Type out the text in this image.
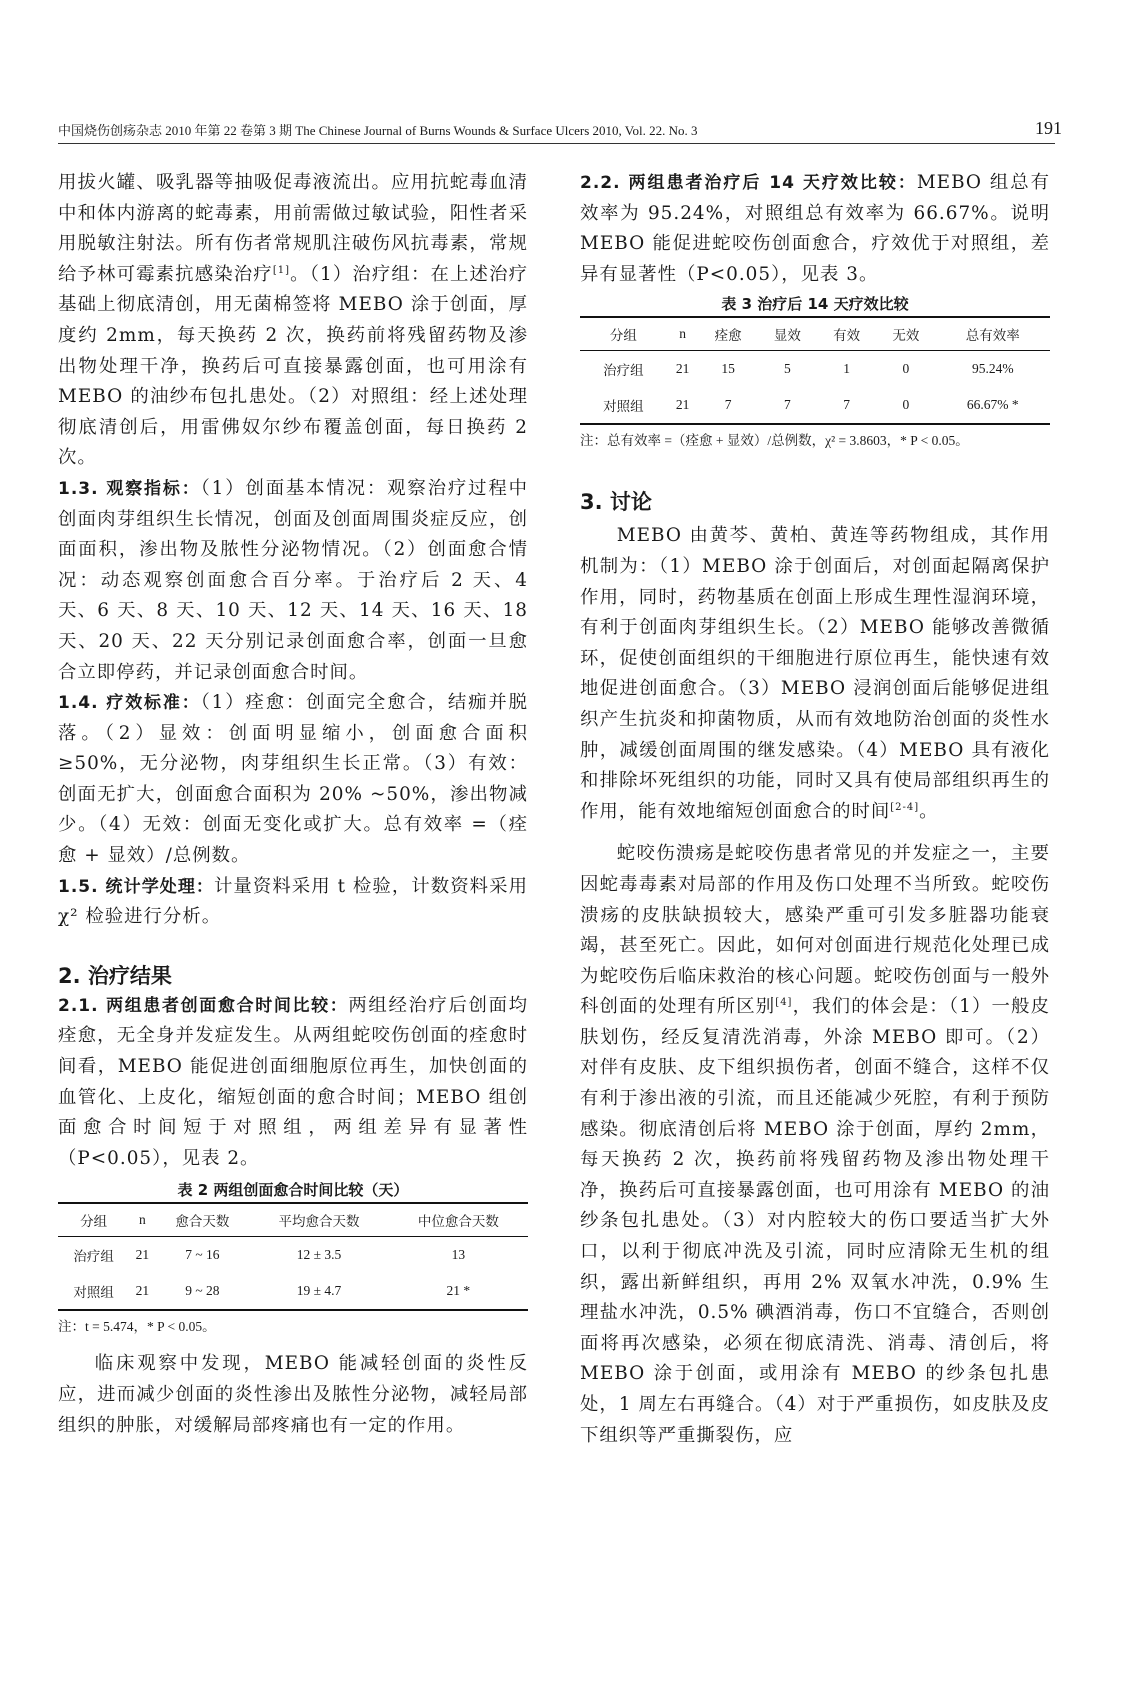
中国烧伤创疡杂志 2010 年第 22 卷第 3 期 The Chinese Journal of Burns Wounds & Surface Ulcers 2010, Vol. 22. No. 3	191

用拔火罐、吸乳器等抽吸促毒液流出。应用抗蛇毒血清中和体内游离的蛇毒素，用前需做过敏试验，阳性者采用脱敏注射法。所有伤者常规肌注破伤风抗毒素，常规给予林可霉素抗感染治疗[1]。（1）治疗组：在上述治疗基础上彻底清创，用无菌棉签将 MEBO 涂于创面，厚度约 2mm，每天换药 2 次，换药前将残留药物及渗出物处理干净，换药后可直接暴露创面，也可用涂有 MEBO 的油纱布包扎患处。（2）对照组：经上述处理彻底清创后，用雷佛奴尔纱布覆盖创面，每日换药 2 次。

1.3. 观察指标：（1）创面基本情况：观察治疗过程中创面肉芽组织生长情况，创面及创面周围炎症反应，创面面积，渗出物及脓性分泌物情况。（2）创面愈合情况：动态观察创面愈合百分率。于治疗后 2 天、4 天、6 天、8 天、10 天、12 天、14 天、16 天、18 天、20 天、22 天分别记录创面愈合率，创面一旦愈合立即停药，并记录创面愈合时间。

1.4. 疗效标准：（1）痊愈：创面完全愈合，结痂并脱落。（2）显效：创面明显缩小，创面愈合面积≥50%，无分泌物，肉芽组织生长正常。（3）有效：创面无扩大，创面愈合面积为 20% ~50%，渗出物减少。（4）无效：创面无变化或扩大。总有效率 =（痊愈 + 显效）/总例数。

1.5. 统计学处理：计量资料采用 t 检验，计数资料采用 χ² 检验进行分析。

2. 治疗结果

2.1. 两组患者创面愈合时间比较：两组经治疗后创面均痊愈，无全身并发症发生。从两组蛇咬伤创面的痊愈时间看，MEBO 能促进创面细胞原位再生，加快创面的血管化、上皮化，缩短创面的愈合时间；MEBO 组创面愈合时间短于对照组，两组差异有显著性（P<0.05），见表 2。

表 2 两组创面愈合时间比较（天）

分组	n	愈合天数	平均愈合天数	中位愈合天数
治疗组	21	7 ~ 16	12 ± 3.5	13
对照组	21	9 ~ 28	19 ± 4.7	21 *

注：t = 5.474，* P < 0.05。

临床观察中发现，MEBO 能减轻创面的炎性反应，进而减少创面的炎性渗出及脓性分泌物，减轻局部组织的肿胀，对缓解局部疼痛也有一定的作用。

2.2. 两组患者治疗后 14 天疗效比较：MEBO 组总有效率为 95.24%，对照组总有效率为 66.67%。说明 MEBO 能促进蛇咬伤创面愈合，疗效优于对照组，差异有显著性（P<0.05），见表 3。

表 3 治疗后 14 天疗效比较

分组	n	痊愈	显效	有效	无效	总有效率
治疗组	21	15	5	1	0	95.24%
对照组	21	7	7	7	0	66.67% *

注：总有效率 =（痊愈 + 显效）/总例数，χ² = 3.8603，* P < 0.05。

3. 讨论

MEBO 由黄芩、黄柏、黄连等药物组成，其作用机制为：（1）MEBO 涂于创面后，对创面起隔离保护作用，同时，药物基质在创面上形成生理性湿润环境，有利于创面肉芽组织生长。（2）MEBO 能够改善微循环，促使创面组织的干细胞进行原位再生，能快速有效地促进创面愈合。（3）MEBO 浸润创面后能够促进组织产生抗炎和抑菌物质，从而有效地防治创面的炎性水肿，减缓创面周围的继发感染。（4）MEBO 具有液化和排除坏死组织的功能，同时又具有使局部组织再生的作用，能有效地缩短创面愈合的时间[2-4]。

蛇咬伤溃疡是蛇咬伤患者常见的并发症之一，主要因蛇毒毒素对局部的作用及伤口处理不当所致。蛇咬伤溃疡的皮肤缺损较大，感染严重可引发多脏器功能衰竭，甚至死亡。因此，如何对创面进行规范化处理已成为蛇咬伤后临床救治的核心问题。蛇咬伤创面与一般外科创面的处理有所区别[4]，我们的体会是：（1）一般皮肤划伤，经反复清洗消毒，外涂 MEBO 即可。（2）对伴有皮肤、皮下组织损伤者，创面不缝合，这样不仅有利于渗出液的引流，而且还能减少死腔，有利于预防感染。彻底清创后将 MEBO 涂于创面，厚约 2mm，每天换药 2 次，换药前将残留药物及渗出物处理干净，换药后可直接暴露创面，也可用涂有 MEBO 的油纱条包扎患处。（3）对内腔较大的伤口要适当扩大外口，以利于彻底冲洗及引流，同时应清除无生机的组织，露出新鲜组织，再用 2% 双氧水冲洗，0.9% 生理盐水冲洗，0.5% 碘酒消毒，伤口不宜缝合，否则创面将再次感染，必须在彻底清洗、消毒、清创后，将 MEBO 涂于创面，或用涂有 MEBO 的纱条包扎患处，1 周左右再缝合。（4）对于严重损伤，如皮肤及皮下组织等严重撕裂伤，应
